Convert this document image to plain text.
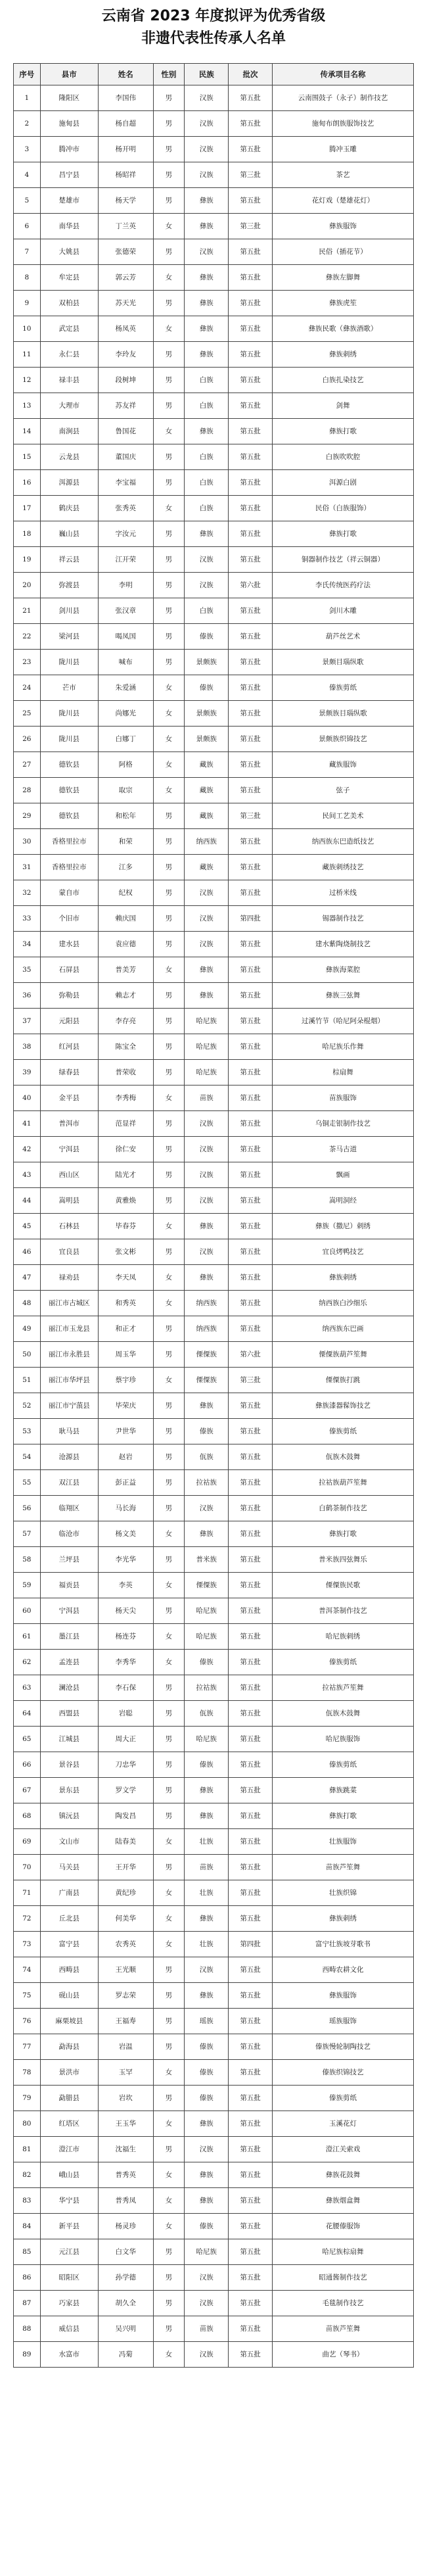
云南省 2023 年度拟评为优秀省级
非遗代表性传承人名单
序号	县市	姓名	性别	民族	批次	传承项目名称
1	隆阳区	李国伟	男	汉族	第五批	云南围鼓子（永子）制作技艺
2	施甸县	杨自超	男	汉族	第五批	施甸布朗族服饰技艺
3	腾冲市	杨开明	男	汉族	第五批	腾冲玉雕
4	昌宁县	杨昭祥	男	汉族	第三批	茶艺
5	楚雄市	杨天学	男	彝族	第五批	花灯戏（楚雄花灯）
6	南华县	丁兰英	女	彝族	第三批	彝族服饰
7	大姚县	张德荣	男	汉族	第五批	民俗（插花节）
8	牟定县	郭云芳	女	彝族	第五批	彝族左脚舞
9	双柏县	苏天光	男	彝族	第五批	彝族虎笙
10	武定县	杨凤英	女	彝族	第五批	彝族民歌（彝族酒歌）
11	永仁县	李玲友	男	彝族	第五批	彝族刺绣
12	禄丰县	段树坤	男	白族	第五批	白族扎染技艺
13	大理市	苏友祥	男	白族	第五批	剑舞
14	南涧县	鲁国花	女	彝族	第五批	彝族打歌
15	云龙县	董国庆	男	白族	第五批	白族吹吹腔
16	洱源县	李宝福	男	白族	第五批	洱源白剧
17	鹤庆县	张秀英	女	白族	第五批	民俗（白族服饰）
18	巍山县	字汝元	男	彝族	第五批	彝族打歌
19	祥云县	江开荣	男	汉族	第五批	铜器制作技艺（祥云铜器）
20	弥渡县	李明	男	汉族	第六批	李氏传统医药疗法
21	剑川县	张汉章	男	白族	第五批	剑川木雕
22	梁河县	喝凤国	男	傣族	第五批	葫芦丝艺术
23	陇川县	喊布	男	景颇族	第五批	景颇目瑙纵歌
24	芒市	朱爱涵	女	傣族	第五批	傣族剪纸
25	陇川县	尚娜光	女	景颇族	第五批	景颇族目瑙纵歌
26	陇川县	白娜丁	女	景颇族	第五批	景颇族织锦技艺
27	德钦县	阿格	女	藏族	第五批	藏族服饰
28	德钦县	取宗	女	藏族	第五批	弦子
29	德钦县	和松年	男	藏族	第三批	民间工艺美术
30	香格里拉市	和荣	男	纳西族	第五批	纳西族东巴造纸技艺
31	香格里拉市	江多	男	藏族	第五批	藏族刺绣技艺
32	蒙自市	纪权	男	汉族	第五批	过桥米线
33	个旧市	赖庆国	男	汉族	第四批	锡器制作技艺
34	建水县	袁应德	男	汉族	第五批	建水紫陶烧制技艺
35	石屏县	普美芳	女	彝族	第五批	彝族海菜腔
36	弥勒县	赖志才	男	彝族	第五批	彝族三弦舞
37	元阳县	李存亮	男	哈尼族	第五批	过溪竹节（哈尼阿朵棍烟）
38	红河县	陈宝全	男	哈尼族	第五批	哈尼族乐作舞
39	绿春县	普荣收	男	哈尼族	第五批	棕扇舞
40	金平县	李秀梅	女	苗族	第五批	苗族服饰
41	普洱市	范显祥	男	汉族	第五批	乌铜走银制作技艺
42	宁洱县	徐仁安	男	汉族	第五批	茶马古道
43	西山区	陆光才	男	汉族	第五批	飘画
44	嵩明县	黄雅焕	男	汉族	第五批	嵩明洞经
45	石林县	毕春芬	女	彝族	第五批	彝族（撒尼）刺绣
46	宜良县	张文彬	男	汉族	第五批	宜良烤鸭技艺
47	禄劝县	李天凤	女	彝族	第五批	彝族刺绣
48	丽江市古城区	和秀英	女	纳西族	第五批	纳西族白沙细乐
49	丽江市玉龙县	和正才	男	纳西族	第五批	纳西族东巴画
50	丽江市永胜县	周玉华	男	傈僳族	第六批	傈僳族葫芦笙舞
51	丽江市华坪县	蔡宇珍	女	傈僳族	第三批	傈僳族打跳
52	丽江市宁蒗县	毕荣庆	男	彝族	第五批	彝族漆器髹饰技艺
53	耿马县	尹世华	男	傣族	第五批	傣族剪纸
54	沧源县	赵岩	男	佤族	第五批	佤族木鼓舞
55	双江县	彭正益	男	拉祜族	第五批	拉祜族葫芦笙舞
56	临翔区	马长海	男	汉族	第五批	白鹤茶制作技艺
57	临沧市	杨文美	女	彝族	第五批	彝族打歌
58	兰坪县	李光华	男	普米族	第五批	普米族四弦舞乐
59	福贡县	李英	女	傈僳族	第五批	傈僳族民歌
60	宁洱县	杨天尖	男	哈尼族	第五批	普洱茶制作技艺
61	墨江县	杨连芬	女	哈尼族	第五批	哈尼族刺绣
62	孟连县	李秀华	女	傣族	第五批	傣族剪纸
63	澜沧县	李石保	男	拉祜族	第五批	拉祜族芦笙舞
64	西盟县	岩聪	男	佤族	第五批	佤族木鼓舞
65	江城县	周大正	男	哈尼族	第五批	哈尼族服饰
66	景谷县	刀忠华	男	傣族	第五批	傣族剪纸
67	景东县	罗文学	男	彝族	第五批	彝族跳菜
68	镇沅县	陶发昌	男	彝族	第五批	彝族打歌
69	文山市	陆春美	女	壮族	第五批	壮族服饰
70	马关县	王开华	男	苗族	第五批	苗族芦笙舞
71	广南县	黄纪珍	女	壮族	第五批	壮族织锦
72	丘北县	何美华	女	彝族	第五批	彝族刺绣
73	富宁县	农秀英	女	壮族	第四批	富宁壮族坡芽歌书
74	西畴县	王光顺	男	汉族	第五批	西畴农耕文化
75	砚山县	罗志荣	男	彝族	第五批	彝族服饰
76	麻栗坡县	王福寿	男	瑶族	第五批	瑶族服饰
77	勐海县	岩温	男	傣族	第五批	傣族慢轮制陶技艺
78	景洪市	玉罕	女	傣族	第五批	傣族织锦技艺
79	勐腊县	岩坎	男	傣族	第五批	傣族剪纸
80	红塔区	王玉华	女	彝族	第五批	玉溪花灯
81	澄江市	沈福生	男	汉族	第五批	澄江关索戏
82	峨山县	普秀英	女	彝族	第五批	彝族花鼓舞
83	华宁县	普秀凤	女	彝族	第五批	彝族烟盒舞
84	新平县	杨灵珍	女	傣族	第五批	花腰傣服饰
85	元江县	白文华	男	哈尼族	第五批	哈尼族棕扇舞
86	昭阳区	孙学德	男	汉族	第五批	昭通酱制作技艺
87	巧家县	胡久全	男	汉族	第五批	毛毯制作技艺
88	威信县	吴兴明	男	苗族	第五批	苗族芦笙舞
89	水富市	冯菊	女	汉族	第五批	曲艺（琴书）
